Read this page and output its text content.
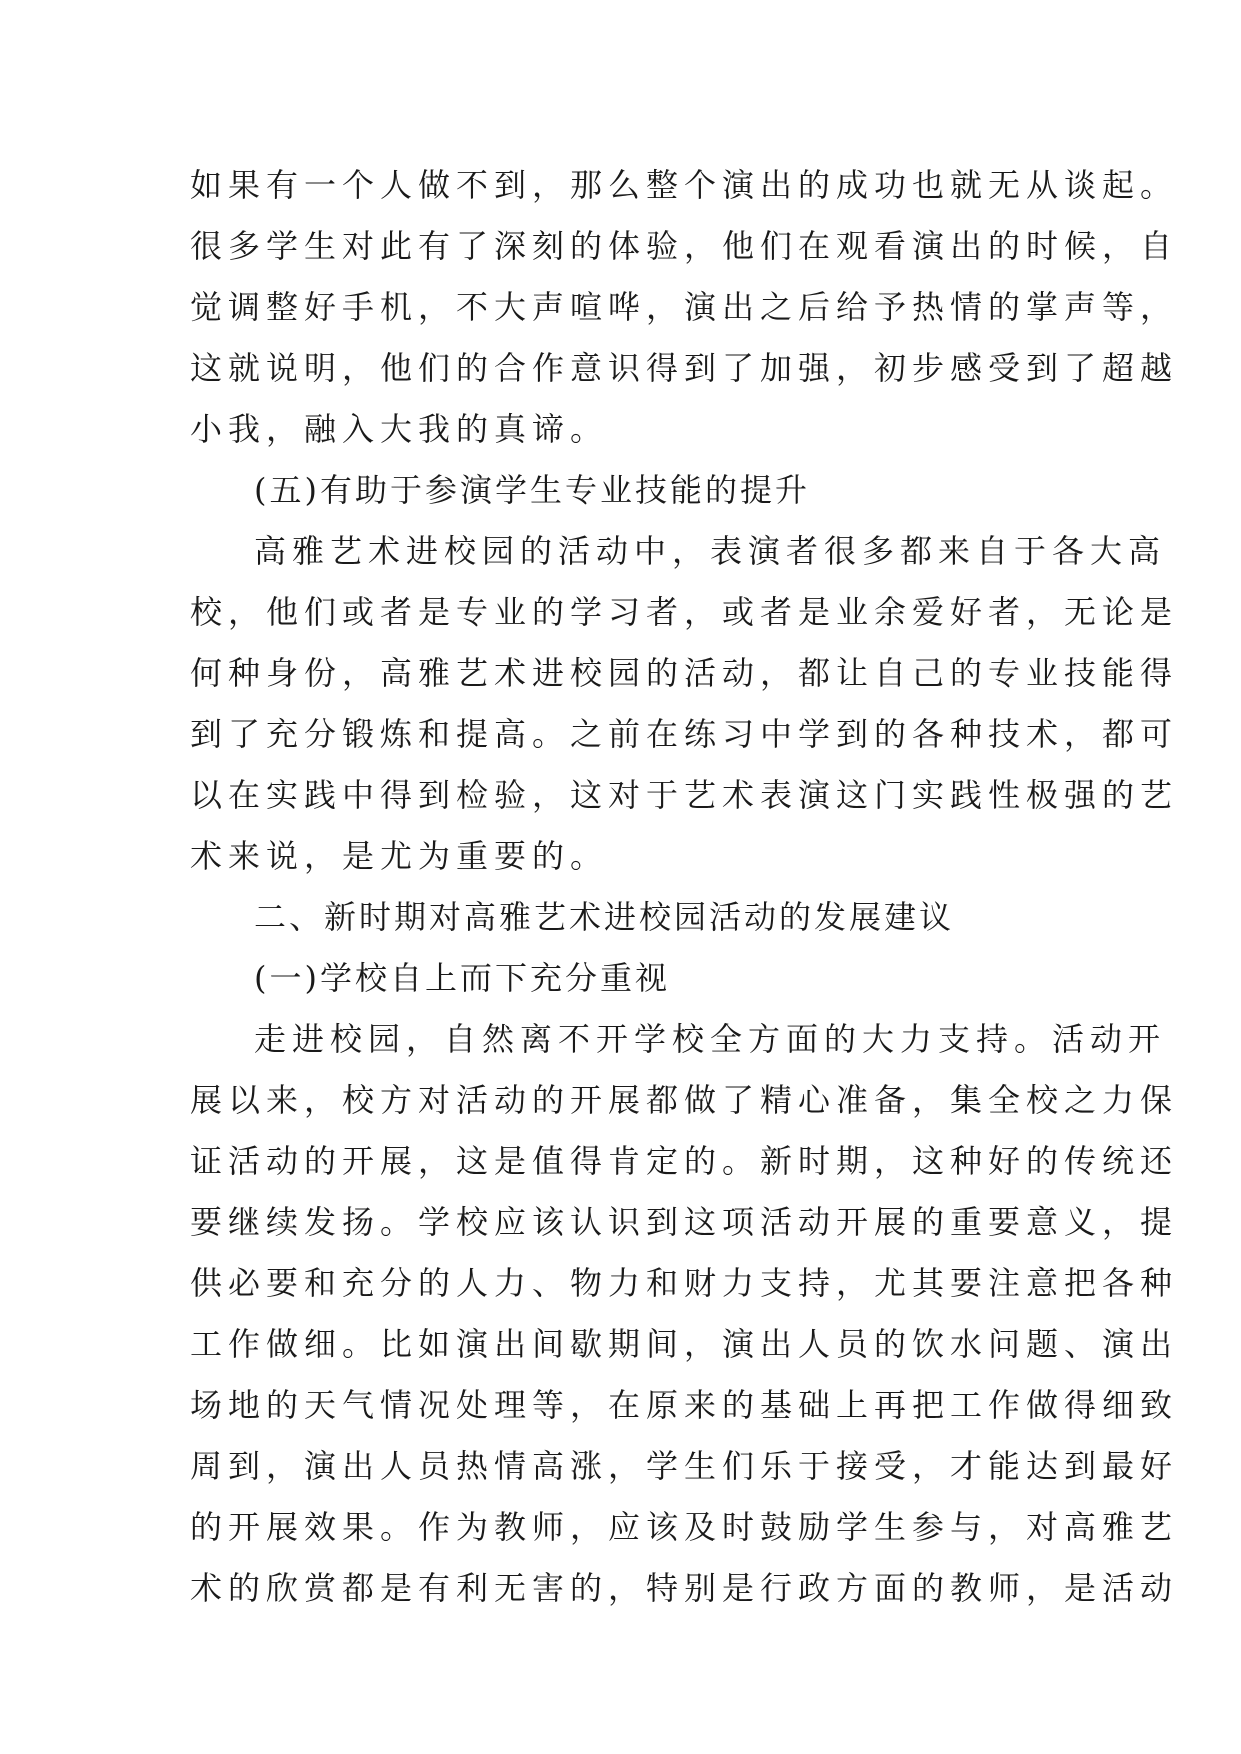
如果有一个人做不到，那么整个演出的成功也就无从谈起。
很多学生对此有了深刻的体验，他们在观看演出的时候，自
觉调整好手机，不大声喧哗，演出之后给予热情的掌声等，
这就说明，他们的合作意识得到了加强，初步感受到了超越
小我，融入大我的真谛。
(五)有助于参演学生专业技能的提升
高雅艺术进校园的活动中，表演者很多都来自于各大高
校，他们或者是专业的学习者，或者是业余爱好者，无论是
何种身份，高雅艺术进校园的活动，都让自己的专业技能得
到了充分锻炼和提高。之前在练习中学到的各种技术，都可
以在实践中得到检验，这对于艺术表演这门实践性极强的艺
术来说，是尤为重要的。
二、新时期对高雅艺术进校园活动的发展建议
(一)学校自上而下充分重视
走进校园，自然离不开学校全方面的大力支持。活动开
展以来，校方对活动的开展都做了精心准备，集全校之力保
证活动的开展，这是值得肯定的。新时期，这种好的传统还
要继续发扬。学校应该认识到这项活动开展的重要意义，提
供必要和充分的人力、物力和财力支持，尤其要注意把各种
工作做细。比如演出间歇期间，演出人员的饮水问题、演出
场地的天气情况处理等，在原来的基础上再把工作做得细致
周到，演出人员热情高涨，学生们乐于接受，才能达到最好
的开展效果。作为教师，应该及时鼓励学生参与，对高雅艺
术的欣赏都是有利无害的，特别是行政方面的教师，是活动
